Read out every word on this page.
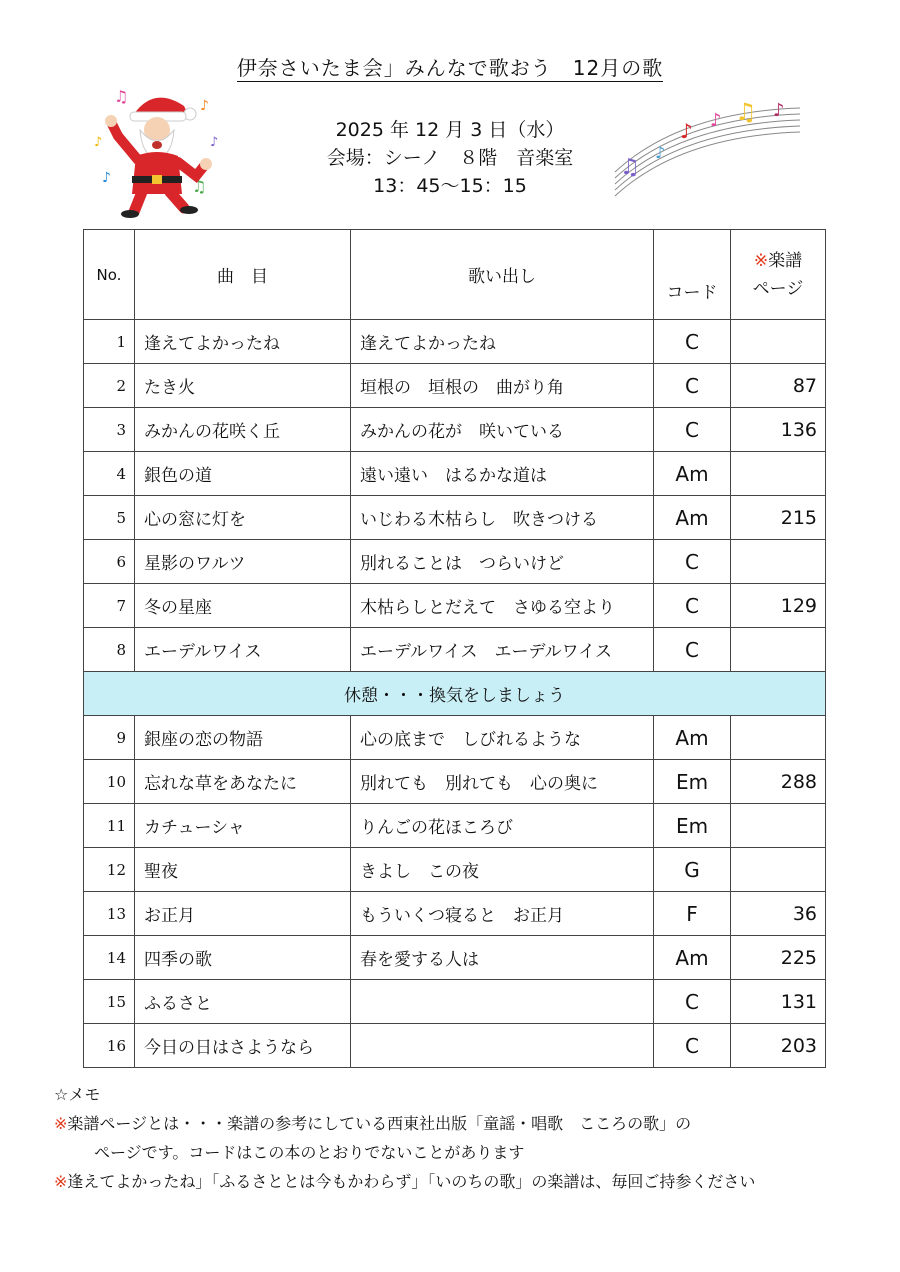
伊奈さいたま会」みんなで歌おう　12月の歌
♫	♪
♪	♪
♪	♫
2025 年 12 月 3 日（水）
会場：シーノ　８階　音楽室
13：45～15：15
♫
♪
♪ ♪ ♫ ♪
No.	曲　目	歌い出し	コード	※楽譜
ページ
1	逢えてよかったね	逢えてよかったね	C	
2	たき火	垣根の　垣根の　曲がり角	C	87
3	みかんの花咲く丘	みかんの花が　咲いている	C	136
4	銀色の道	遠い遠い　はるかな道は	Am	
5	心の窓に灯を	いじわる木枯らし　吹きつける	Am	215
6	星影のワルツ	別れることは　つらいけど	C	
7	冬の星座	木枯らしとだえて　さゆる空より	C	129
8	エーデルワイス	エーデルワイス　エーデルワイス	C	
休憩・・・換気をしましょう				
9	銀座の恋の物語	心の底まで　しびれるような	Am	
10	忘れな草をあなたに	別れても　別れても　心の奥に	Em	288
11	カチューシャ	りんごの花ほころび	Em	
12	聖夜	きよし　この夜	G	
13	お正月	もういくつ寝ると　お正月	F	36
14	四季の歌	春を愛する人は	Am	225
15	ふるさと		C	131
16	今日の日はさようなら		C	203
☆メモ
※楽譜ページとは・・・楽譜の参考にしている西東社出版「童謡・唱歌　こころの歌」の
ページです。コードはこの本のとおりでないことがあります
※逢えてよかったね」「ふるさととは今もかわらず」「いのちの歌」の楽譜は、毎回ご持参ください
